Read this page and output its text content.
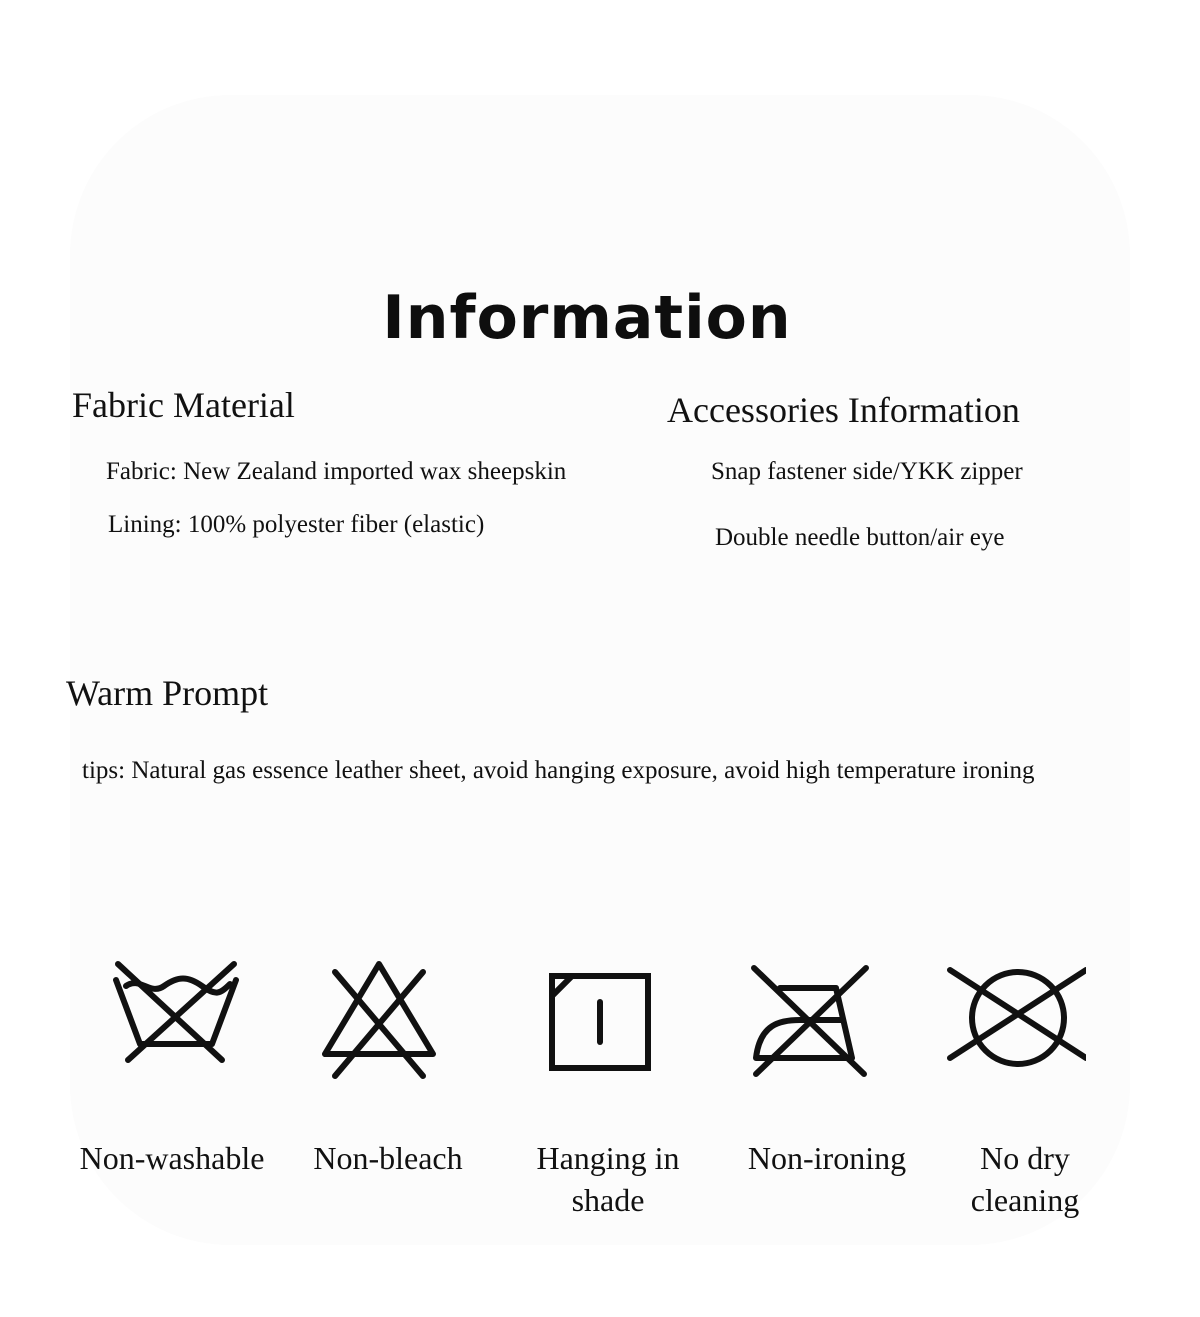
Information
Fabric Material
Fabric: New Zealand imported wax sheepskin
Lining: 100% polyester fiber (elastic)
Accessories Information
Snap fastener side/YKK zipper
Double needle button/air eye
Warm Prompt
tips: Natural gas essence leather sheet, avoid hanging exposure, avoid high temperature ironing
Non-washable	Non-bleach	Hanging in shade
Non-ironing	No dry cleaning
